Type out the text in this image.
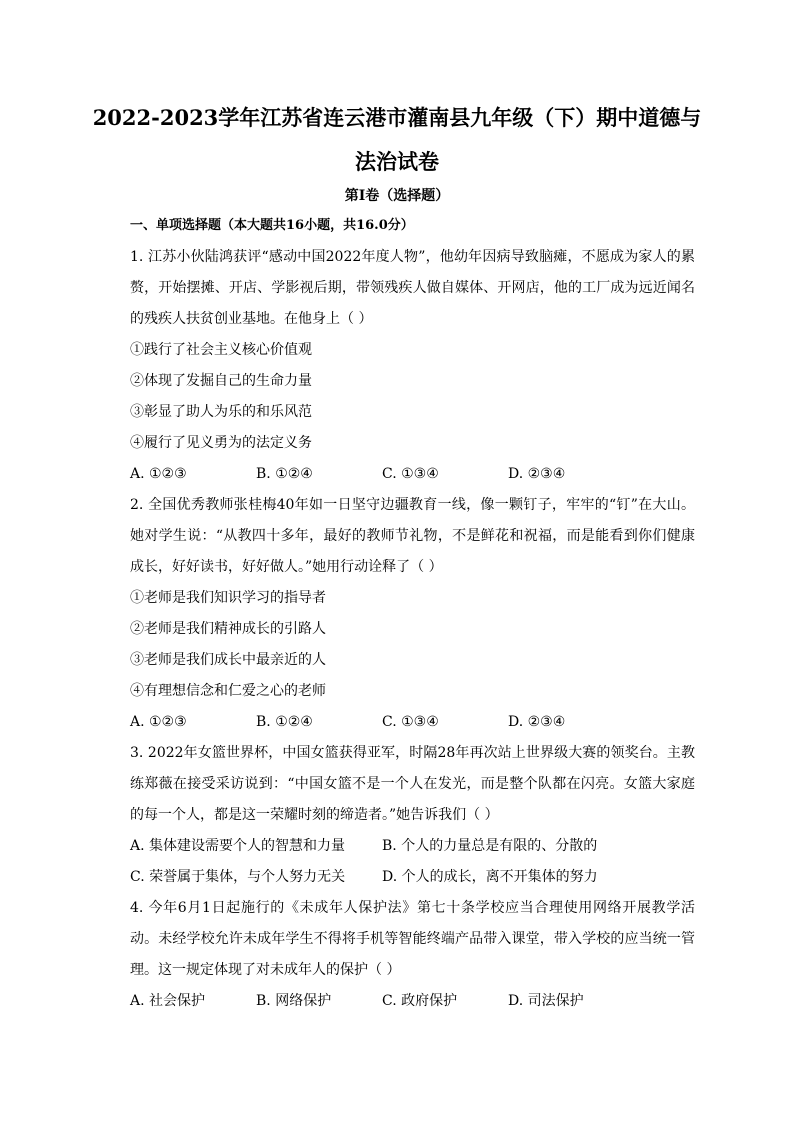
2022-2023学年江苏省连云港市灌南县九年级（下）期中道德与法治试卷
第I卷（选择题）
一、单项选择题（本大题共16小题，共16.0分）

1. 江苏小伙陆鸿获评“感动中国2022年度人物”，他幼年因病导致脑瘫，不愿成为家人的累赘，开始摆摊、开店、学影视后期，带领残疾人做自媒体、开网店，他的工厂成为远近闻名的残疾人扶贫创业基地。在他身上（ ）

①践行了社会主义核心价值观

②体现了发掘自己的生命力量

③彰显了助人为乐的和乐风范

④履行了见义勇为的法定义务

A. ①②③	B. ①②④	C. ①③④	D. ②③④

2. 全国优秀教师张桂梅40年如一日坚守边疆教育一线，像一颗钉子，牢牢的“钉”在大山。她对学生说：“从教四十多年，最好的教师节礼物，不是鲜花和祝福，而是能看到你们健康成长，好好读书，好好做人。”她用行动诠释了（ ）

①老师是我们知识学习的指导者

②老师是我们精神成长的引路人

③老师是我们成长中最亲近的人

④有理想信念和仁爱之心的老师

A. ①②③	B. ①②④	C. ①③④	D. ②③④

3. 2022年女篮世界杯，中国女篮获得亚军，时隔28年再次站上世界级大赛的领奖台。主教练郑薇在接受采访说到：“中国女篮不是一个人在发光，而是整个队都在闪亮。女篮大家庭的每一个人，都是这一荣耀时刻的缔造者。”她告诉我们（ ）

A. 集体建设需要个人的智慧和力量	B. 个人的力量总是有限的、分散的
C. 荣誉属于集体，与个人努力无关	D. 个人的成长，离不开集体的努力

4. 今年6月1日起施行的《未成年人保护法》第七十条学校应当合理使用网络开展教学活动。未经学校允许未成年学生不得将手机等智能终端产品带入课堂，带入学校的应当统一管理。这一规定体现了对未成年人的保护（ ）

A. 社会保护	B. 网络保护	C. 政府保护	D. 司法保护
